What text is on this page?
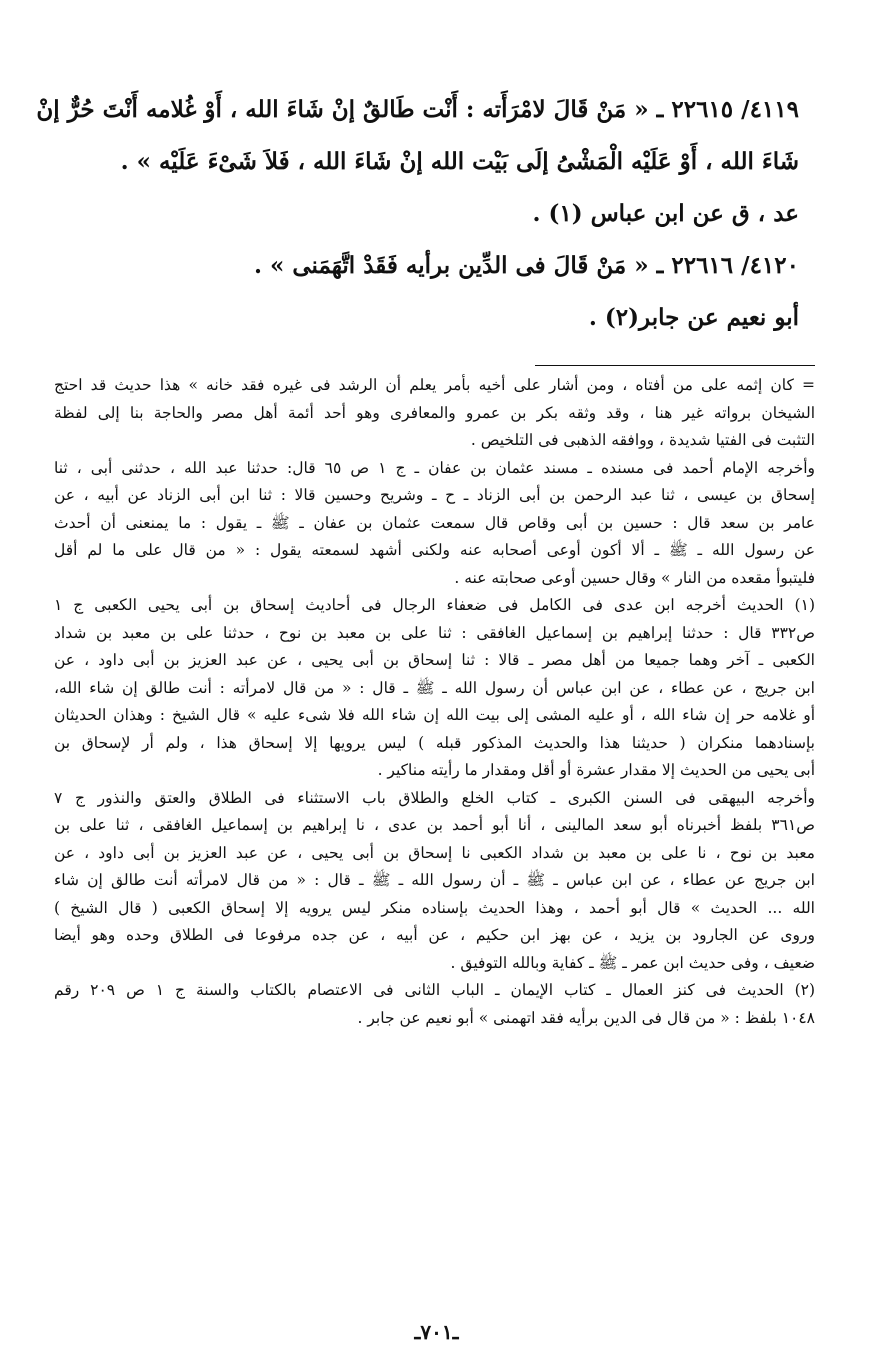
٤١١٩/ ٢٢٦١٥ ـ « مَنْ قَالَ لامْرَأَته : أَنْت طَالقٌ إنْ شَاءَ الله ، أَوْ غُلامه أَنْتَ حُرٌّ إنْ
شَاءَ الله ، أَوْ عَلَيْه الْمَشْىُ إلَى بَيْت الله إنْ شَاءَ الله ، فَلاَ شَىْءَ عَلَيْه » .
عد ، ق عن ابن عباس (١) .
٤١٢٠/ ٢٢٦١٦ ـ « مَنْ قَالَ فى الدِّين برأيه فَقَدْ اتَّهَمَنى » .
أبو نعيم عن جابر(٢) .

= كان إثمه على من أفتاه ، ومن أشار على أخيه بأمر يعلم أن الرشد فى غيره فقد خانه » هذا حديث قد احتج
الشيخان برواته غير هنا ، وقد وثقه بكر بن عمرو والمعافرى وهو أحد أئمة أهل مصر والحاجة بنا إلى لفظة
التثبت فى الفتيا شديدة ، ووافقه الذهبى فى التلخيص .

وأخرجه الإمام أحمد فى مسنده ـ مسند عثمان بن عفان ـ ج ١ ص ٦٥ قال: حدثنا عبد الله ، حدثنى أبى ، ثنا
إسحاق بن عيسى ، ثنا عبد الرحمن بن أبى الزناد ـ ح ـ وشريح وحسين قالا : ثنا ابن أبى الزناد عن أبيه ، عن
عامر بن سعد قال : حسين بن أبى وقاص قال سمعت عثمان بن عفان ـ ﷺ ـ يقول : ما يمنعنى أن أحدث
عن رسول الله ـ ﷺ ـ ألا أكون أوعى أصحابه عنه ولكنى أشهد لسمعته يقول : « من قال على ما لم أقل
فليتبوأ مقعده من النار » وقال حسين أوعى صحابته عنه .

(١) الحديث أخرجه ابن عدى فى الكامل فى ضعفاء الرجال فى أحاديث إسحاق بن أبى يحيى الكعبى ج ١
ص٣٣٢ قال : حدثنا إبراهيم بن إسماعيل الغافقى : ثنا على بن معبد بن نوح ، حدثنا على بن معبد بن شداد
الكعبى ـ آخر وهما جميعا من أهل مصر ـ قالا : ثنا إسحاق بن أبى يحيى ، عن عبد العزيز بن أبى داود ، عن
ابن جريج ، عن عطاء ، عن ابن عباس أن رسول الله ـ ﷺ ـ قال : « من قال لامرأته : أنت طالق إن شاء الله،
أو غلامه حر إن شاء الله ، أو عليه المشى إلى بيت الله إن شاء الله فلا شىء عليه » قال الشيخ : وهذان الحديثان
بإسنادهما منكران ( حديثنا هذا والحديث المذكور قبله ) ليس يرويها إلا إسحاق هذا ، ولم أر لإسحاق بن
أبى يحيى من الحديث إلا مقدار عشرة أو أقل ومقدار ما رأيته مناكير .

وأخرجه البيهقى فى السنن الكبرى ـ كتاب الخلع والطلاق باب الاستثناء فى الطلاق والعتق والنذور ج ٧
ص٣٦١ بلفظ أخبرناه أبو سعد المالينى ، أنا أبو أحمد بن عدى ، نا إبراهيم بن إسماعيل الغافقى ، ثنا على بن
معبد بن نوح ، نا على بن معبد بن شداد الكعبى نا إسحاق بن أبى يحيى ، عن عبد العزيز بن أبى داود ، عن
ابن جريج عن عطاء ، عن ابن عباس ـ ﷺ ـ أن رسول الله ـ ﷺ ـ قال : « من قال لامرأته أنت طالق إن شاء
الله ... الحديث » قال أبو أحمد ، وهذا الحديث بإسناده منكر ليس يرويه إلا إسحاق الكعبى ( قال الشيخ )
وروى عن الجارود بن يزيد ، عن بهز ابن حكيم ، عن أبيه ، عن جده مرفوعا فى الطلاق وحده وهو أيضا
ضعيف ، وفى حديث ابن عمر ـ ﷺ ـ كفاية وبالله التوفيق .

(٢) الحديث فى كنز العمال ـ كتاب الإيمان ـ الباب الثانى فى الاعتصام بالكتاب والسنة ج ١ ص ٢٠٩ رقم
١٠٤٨ بلفظ : « من قال فى الدين برأيه فقد اتهمنى » أبو نعيم عن جابر .

ـ٧٠١ـ
